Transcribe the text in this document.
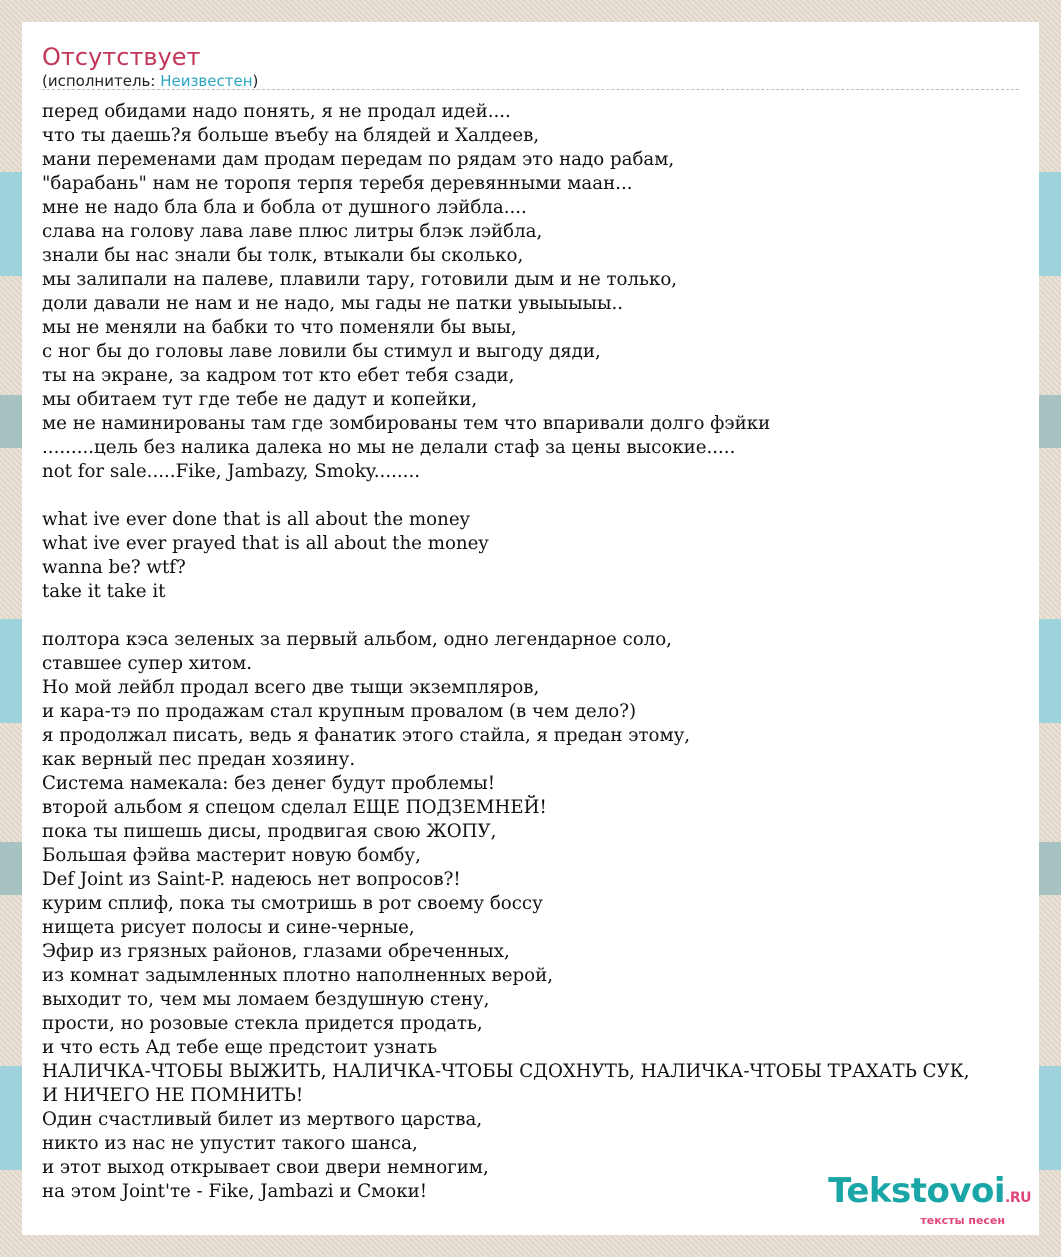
Отсутствует
(исполнитель: Неизвестен)
перед обидами надо понять, я не продал идей....
что ты даешь?я больше въебу на блядей и Халдеев,
мани переменами дам продам передам по рядам это надо рабам,
"барабань" нам не торопя терпя теребя деревянными маан...
мне не надо бла бла и бобла от душного лэйбла....
слава на голову лава лаве плюс литры блэк лэйбла,
знали бы нас знали бы толк, втыкали бы сколько,
мы залипали на палеве, плавили тару, готовили дым и не только,
доли давали не нам и не надо, мы гады не патки увыыыыы..
мы не меняли на бабки то что поменяли бы выы,
с ног бы до головы лаве ловили бы стимул и выгоду дяди,
ты на экране, за кадром тот кто ебет тебя сзади,
мы обитаем тут где тебе не дадут и копейки,
ме не наминированы там где зомбированы тем что впаривали долго фэйки
.........цель без налика далека но мы не делали стаф за цены высокие.....
not for sale.....Fike, Jambazy, Smoky........
what ive ever done that is all about the money
what ive ever prayed that is all about the money
wanna be? wtf?
take it take it
полтора кэса зеленых за первый альбом, одно легендарное соло,
ставшее супер хитом.
Но мой лейбл продал всего две тыщи экземпляров,
и кара-тэ по продажам стал крупным провалом (в чем дело?)
я продолжал писать, ведь я фанатик этого стайла, я предан этому,
как верный пес предан хозяину.
Система намекала: без денег будут проблемы!
второй альбом я спецом сделал ЕЩЕ ПОДЗЕМНЕЙ!
пока ты пишешь дисы, продвигая свою ЖОПУ,
Большая фэйва мастерит новую бомбу,
Def Joint из Saint-P. надеюсь нет вопросов?!
курим сплиф, пока ты смотришь в рот своему боссу
нищета рисует полосы и сине-черные,
Эфир из грязных районов, глазами обреченных,
из комнат задымленных плотно наполненных верой,
выходит то, чем мы ломаем бездушную стену,
прости, но розовые стекла придется продать,
и что есть Ад тебе еще предстоит узнать
НАЛИЧКА-ЧТОБЫ ВЫЖИТЬ, НАЛИЧКА-ЧТОБЫ СДОХНУТЬ, НАЛИЧКА-ЧТОБЫ ТРАХАТЬ СУК,
И НИЧЕГО НЕ ПОМНИТЬ!
Один счастливый билет из мертвого царства,
никто из нас не упустит такого шанса,
и этот выход открывает свои двери немногим,
на этом Joint'те - Fike, Jambazi и Смоки!	Tekstovoi.RU
тексты песен
